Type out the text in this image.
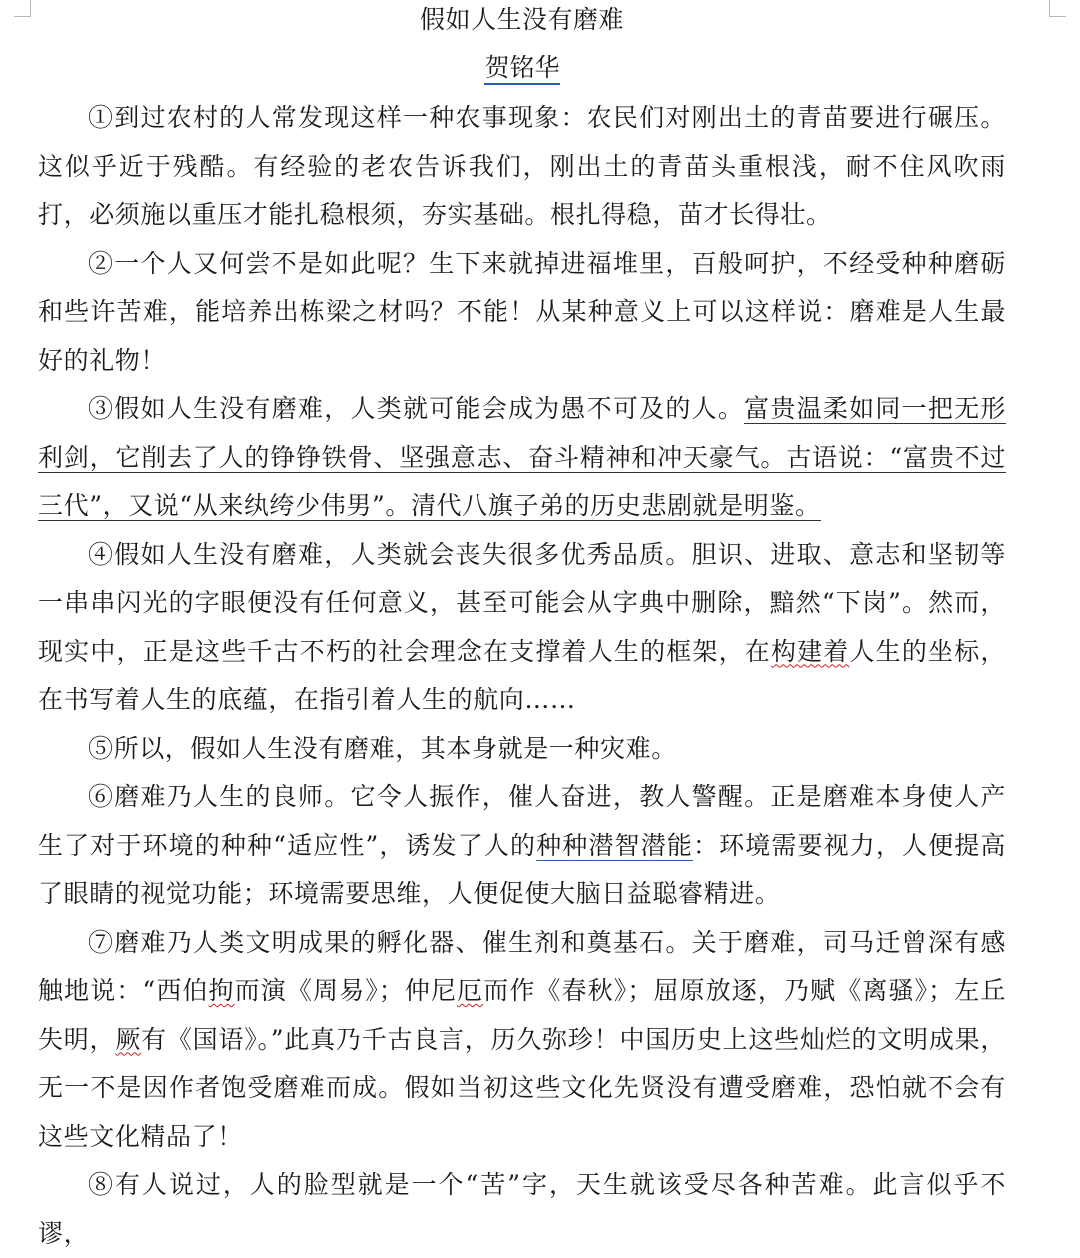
假如人生没有磨难
贺铭华

①到过农村的人常发现这样一种农事现象：农民们对刚出土的青苗要进行碾压。这似乎近于残酷。有经验的老农告诉我们，刚出土的青苗头重根浅，耐不住风吹雨打，必须施以重压才能扎稳根须，夯实基础。根扎得稳，苗才长得壮。

②一个人又何尝不是如此呢？生下来就掉进福堆里，百般呵护，不经受种种磨砺和些许苦难，能培养出栋梁之材吗？不能！从某种意义上可以这样说：磨难是人生最好的礼物！

③假如人生没有磨难，人类就可能会成为愚不可及的人。富贵温柔如同一把无形利剑，它削去了人的铮铮铁骨、坚强意志、奋斗精神和冲天豪气。古语说：“富贵不过三代”，又说“从来纨绔少伟男”。清代八旗子弟的历史悲剧就是明鉴。

④假如人生没有磨难，人类就会丧失很多优秀品质。胆识、进取、意志和坚韧等一串串闪光的字眼便没有任何意义，甚至可能会从字典中删除，黯然“下岗”。然而，现实中，正是这些千古不朽的社会理念在支撑着人生的框架，在构建着人生的坐标，在书写着人生的底蕴，在指引着人生的航向……

⑤所以，假如人生没有磨难，其本身就是一种灾难。

⑥磨难乃人生的良师。它令人振作，催人奋进，教人警醒。正是磨难本身使人产生了对于环境的种种“适应性”，诱发了人的种种潜智潜能：环境需要视力，人便提高了眼睛的视觉功能；环境需要思维，人便促使大脑日益聪睿精进。

⑦磨难乃人类文明成果的孵化器、催生剂和奠基石。关于磨难，司马迁曾深有感触地说：“西伯拘而演《周易》；仲尼厄而作《春秋》；屈原放逐，乃赋《离骚》；左丘失明，厥有《国语》。”此真乃千古良言，历久弥珍！中国历史上这些灿烂的文明成果，无一不是因作者饱受磨难而成。假如当初这些文化先贤没有遭受磨难，恐怕就不会有这些文化精品了！

⑧有人说过，人的脸型就是一个“苦”字，天生就该受尽各种苦难。此言似乎不谬，
